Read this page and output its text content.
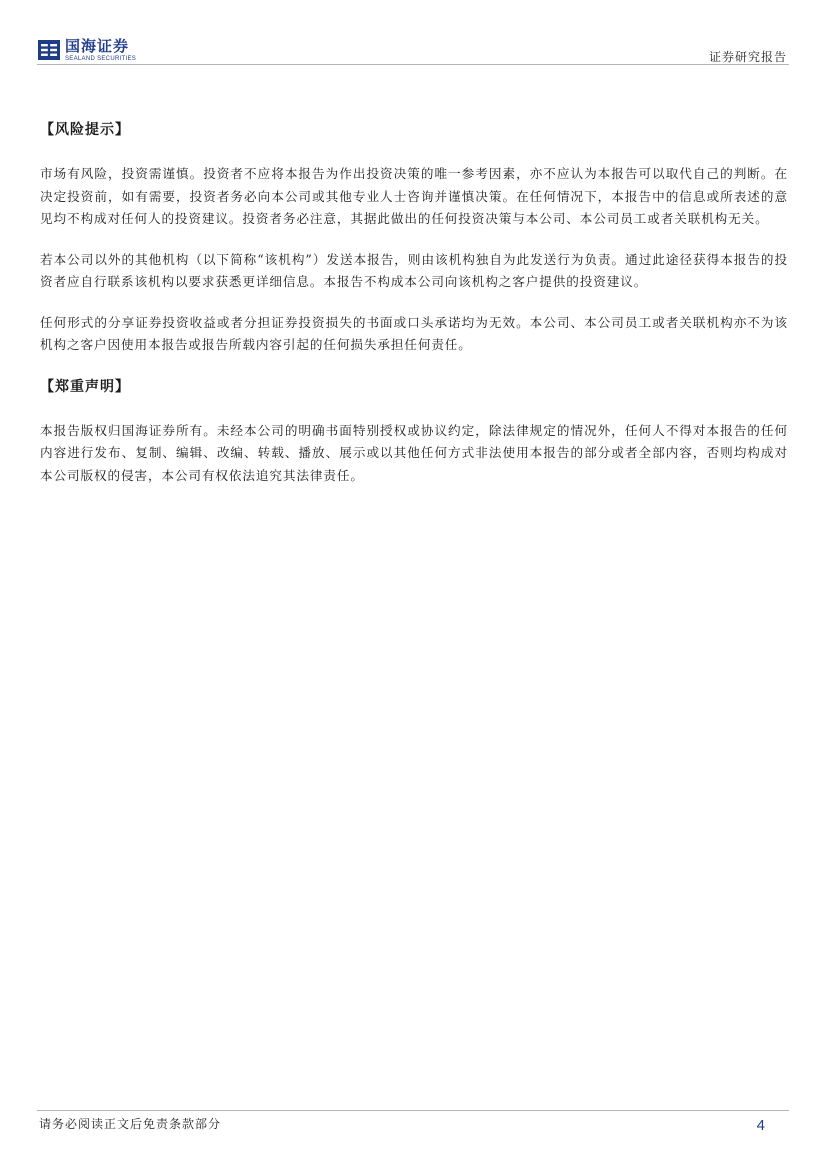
国海证券
SEALAND SECURITIES	证券研究报告
【风险提示】

市场有风险，投资需谨慎。投资者不应将本报告为作出投资决策的唯一参考因素，亦不应认为本报告可以取代自己的判断。在决定投资前，如有需要，投资者务必向本公司或其他专业人士咨询并谨慎决策。在任何情况下，本报告中的信息或所表述的意见均不构成对任何人的投资建议。投资者务必注意，其据此做出的任何投资决策与本公司、本公司员工或者关联机构无关。

若本公司以外的其他机构（以下简称“该机构”）发送本报告，则由该机构独自为此发送行为负责。通过此途径获得本报告的投资者应自行联系该机构以要求获悉更详细信息。本报告不构成本公司向该机构之客户提供的投资建议。

任何形式的分享证券投资收益或者分担证券投资损失的书面或口头承诺均为无效。本公司、本公司员工或者关联机构亦不为该机构之客户因使用本报告或报告所载内容引起的任何损失承担任何责任。

【郑重声明】

本报告版权归国海证券所有。未经本公司的明确书面特别授权或协议约定，除法律规定的情况外，任何人不得对本报告的任何内容进行发布、复制、编辑、改编、转载、播放、展示或以其他任何方式非法使用本报告的部分或者全部内容，否则均构成对本公司版权的侵害，本公司有权依法追究其法律责任。

请务必阅读正文后免责条款部分	4
